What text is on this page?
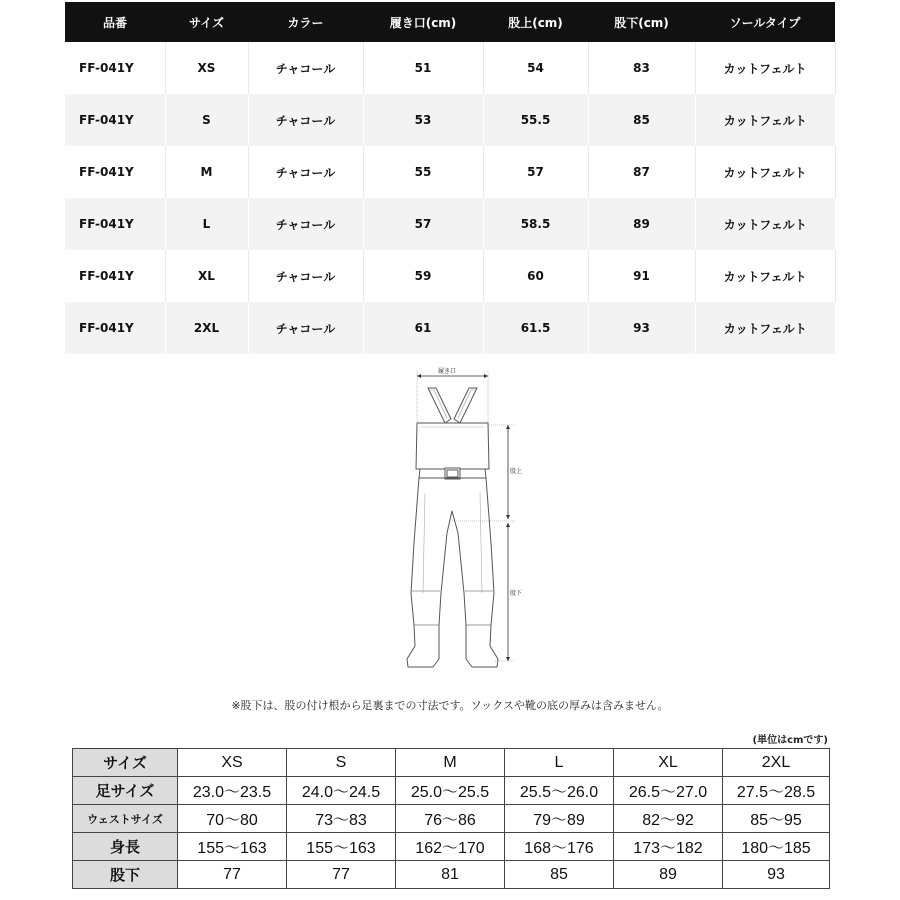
品番	サイズ	カラー	履き口(cm)	股上(cm)	股下(cm)	ソールタイプ
FF-041Y	XS	チャコール	51	54	83	カットフェルト
FF-041Y	S	チャコール	53	55.5	85	カットフェルト
FF-041Y	M	チャコール	55	57	87	カットフェルト
FF-041Y	L	チャコール	57	58.5	89	カットフェルト
FF-041Y	XL	チャコール	59	60	91	カットフェルト
FF-041Y	2XL	チャコール	61	61.5	93	カットフェルト
履き口
股上
股下
※股下は、股の付け根から足裏までの寸法です。ソックスや靴の底の厚みは含みません。
(単位はcmです)
サイズ	XS	S	M	L	XL	2XL
足サイズ	23.0～23.5	24.0～24.5	25.0～25.5	25.5～26.0	26.5～27.0	27.5～28.5
ウェストサイズ	70～80	73～83	76～86	79～89	82～92	85～95
身長	155～163	155～163	162～170	168～176	173～182	180～185
股下	77	77	81	85	89	93
